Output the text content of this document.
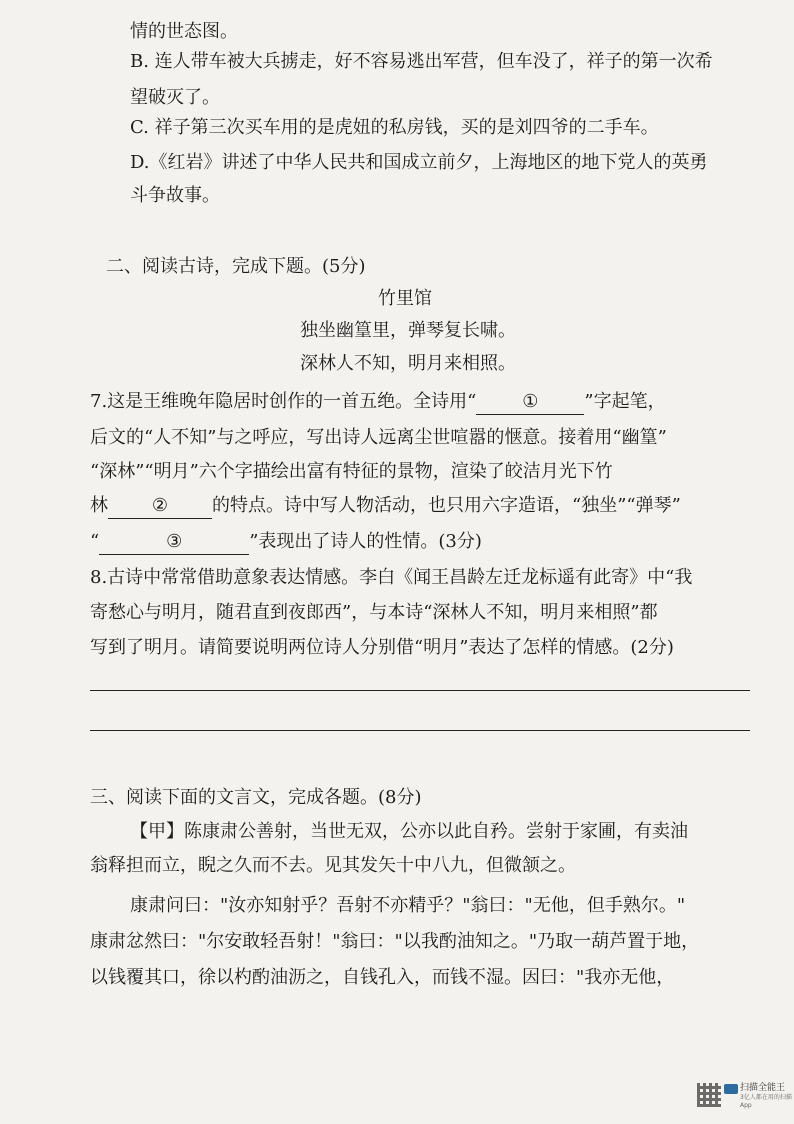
情的世态图。
B. 连人带车被大兵掳走，好不容易逃出军营，但车没了，祥子的第一次希
望破灭了。
C. 祥子第三次买车用的是虎妞的私房钱，买的是刘四爷的二手车。
D.《红岩》讲述了中华人民共和国成立前夕，上海地区的地下党人的英勇
斗争故事。
二、阅读古诗，完成下题。(5分)
竹里馆
独坐幽篁里，弹琴复长啸。
深林人不知，明月来相照。
7.这是王维晚年隐居时创作的一首五绝。全诗用“	①	”字起笔，
后文的“人不知”与之呼应，写出诗人远离尘世喧嚣的惬意。接着用“幽篁”
“深林”“明月”六个字描绘出富有特征的景物，渲染了皎洁月光下竹
林 ② 的特点。诗中写人物活动，也只用六字造语，“独坐”“弹琴”
“	③	”表现出了诗人的性情。(3分)
8.古诗中常常借助意象表达情感。李白《闻王昌龄左迁龙标遥有此寄》中“我
寄愁心与明月，随君直到夜郎西”，与本诗“深林人不知，明月来相照”都
写到了明月。请简要说明两位诗人分别借“明月”表达了怎样的情感。(2分)
三、阅读下面的文言文，完成各题。(8分)
【甲】陈康肃公善射，当世无双，公亦以此自矜。尝射于家圃，有卖油
翁释担而立，睨之久而不去。见其发矢十中八九，但微颔之。
康肃问曰："汝亦知射乎？吾射不亦精乎？"翁曰："无他，但手熟尔。"
康肃忿然曰："尔安敢轻吾射！"翁曰："以我酌油知之。"乃取一葫芦置于地，
以钱覆其口，徐以杓酌油沥之，自钱孔入，而钱不湿。因曰："我亦无他，
扫描全能王
3亿人都在用的扫描App
